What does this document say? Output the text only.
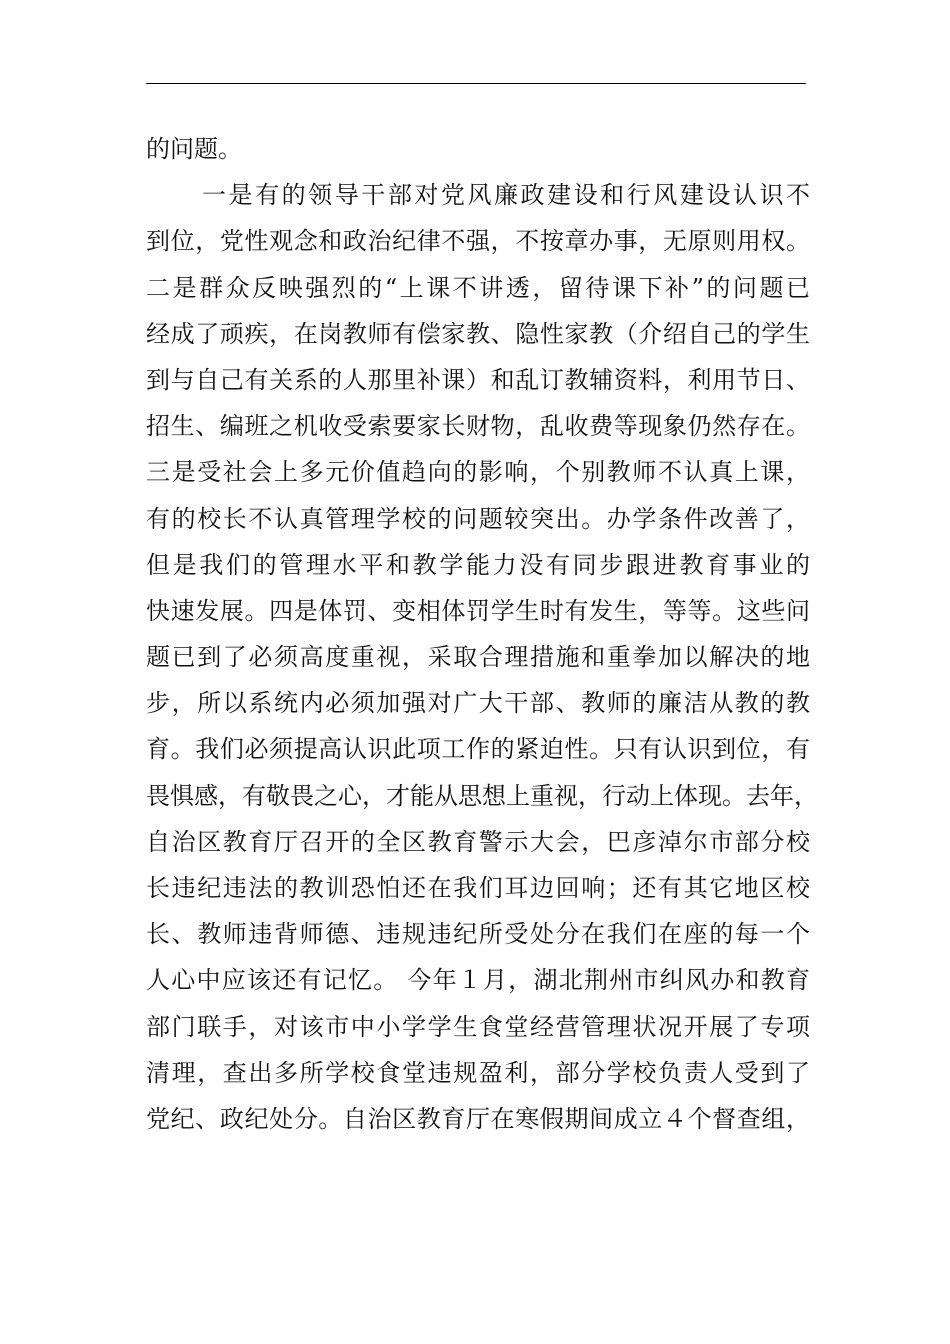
的问题。
一是有的领导干部对党风廉政建设和行风建设认识不
到位，党性观念和政治纪律不强，不按章办事，无原则用权。
二是群众反映强烈的“上课不讲透，留待课下补”的问题已
经成了顽疾，在岗教师有偿家教、隐性家教（介绍自己的学生
到与自己有关系的人那里补课）和乱订教辅资料，利用节日、
招生、编班之机收受索要家长财物，乱收费等现象仍然存在。
三是受社会上多元价值趋向的影响，个别教师不认真上课，
有的校长不认真管理学校的问题较突出。办学条件改善了，
但是我们的管理水平和教学能力没有同步跟进教育事业的
快速发展。四是体罚、变相体罚学生时有发生，等等。这些问
题已到了必须高度重视，采取合理措施和重拳加以解决的地
步，所以系统内必须加强对广大干部、教师的廉洁从教的教
育。我们必须提高认识此项工作的紧迫性。只有认识到位，有
畏惧感，有敬畏之心，才能从思想上重视，行动上体现。去年，
自治区教育厅召开的全区教育警示大会，巴彦淖尔市部分校
长违纪违法的教训恐怕还在我们耳边回响；还有其它地区校
长、教师违背师德、违规违纪所受处分在我们在座的每一个
人心中应该还有记忆。 今年１月，湖北荆州市纠风办和教育
部门联手，对该市中小学学生食堂经营管理状况开展了专项
清理，查出多所学校食堂违规盈利，部分学校负责人受到了
党纪、政纪处分。自治区教育厅在寒假期间成立４个督查组，
